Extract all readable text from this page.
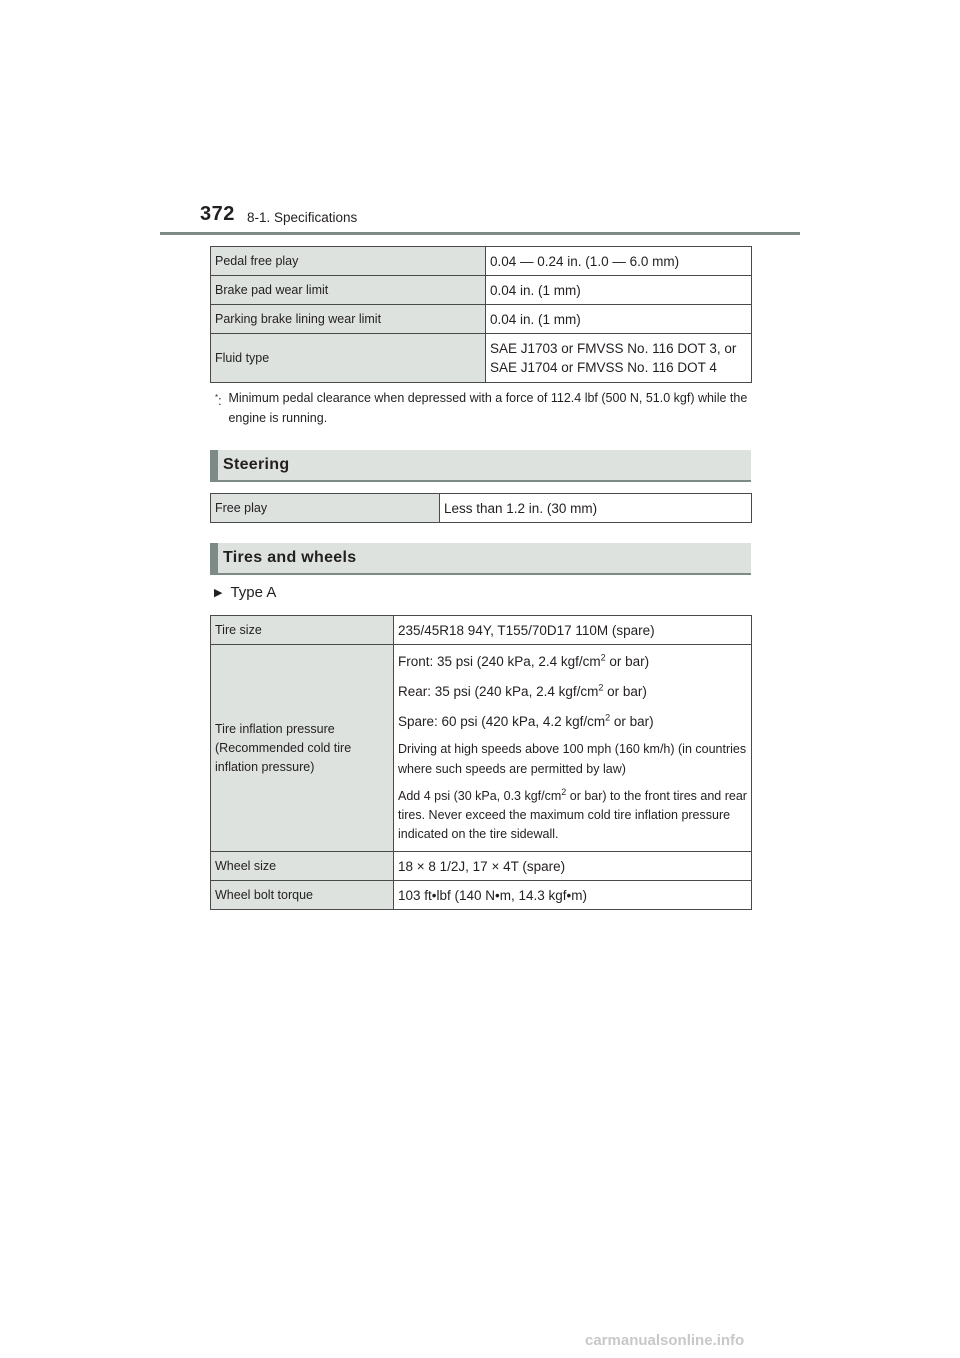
372 8-1. Specifications
Pedal free play	0.04 — 0.24 in. (1.0 — 6.0 mm)
Brake pad wear limit	0.04 in. (1 mm)
Parking brake lining wear limit	0.04 in. (1 mm)
Fluid type	SAE J1703 or FMVSS No. 116 DOT 3, or SAE J1704 or FMVSS No. 116 DOT 4
*: Minimum pedal clearance when depressed with a force of 112.4 lbf (500 N, 51.0 kgf) while the engine is running.
Steering
Free play	Less than 1.2 in. (30 mm)
Tires and wheels
▶ Type A
Tire size	235/45R18 94Y, T155/70D17 110M (spare)
Tire inflation pressure (Recommended cold tire inflation pressure)	Front: 35 psi (240 kPa, 2.4 kgf/$cm^2$ or bar)

Rear: 35 psi (240 kPa, 2.4 kgf/$cm^2$ or bar)

Spare: 60 psi (420 kPa, 4.2 kgf/$cm^2$ or bar)

Driving at high speeds above 100 mph (160 km/h) (in countries where such speeds are permitted by law)

Add 4 psi (30 kPa, 0.3 kgf/$cm^2$ or bar) to the front tires and rear tires. Never exceed the maximum cold tire inflation pressure indicated on the tire sidewall.

Wheel size	18 × 8 1/2J, 17 × 4T (spare)
Wheel bolt torque	103 ft•lbf (140 N•m, 14.3 kgf•m)
carmanualsonline.info
